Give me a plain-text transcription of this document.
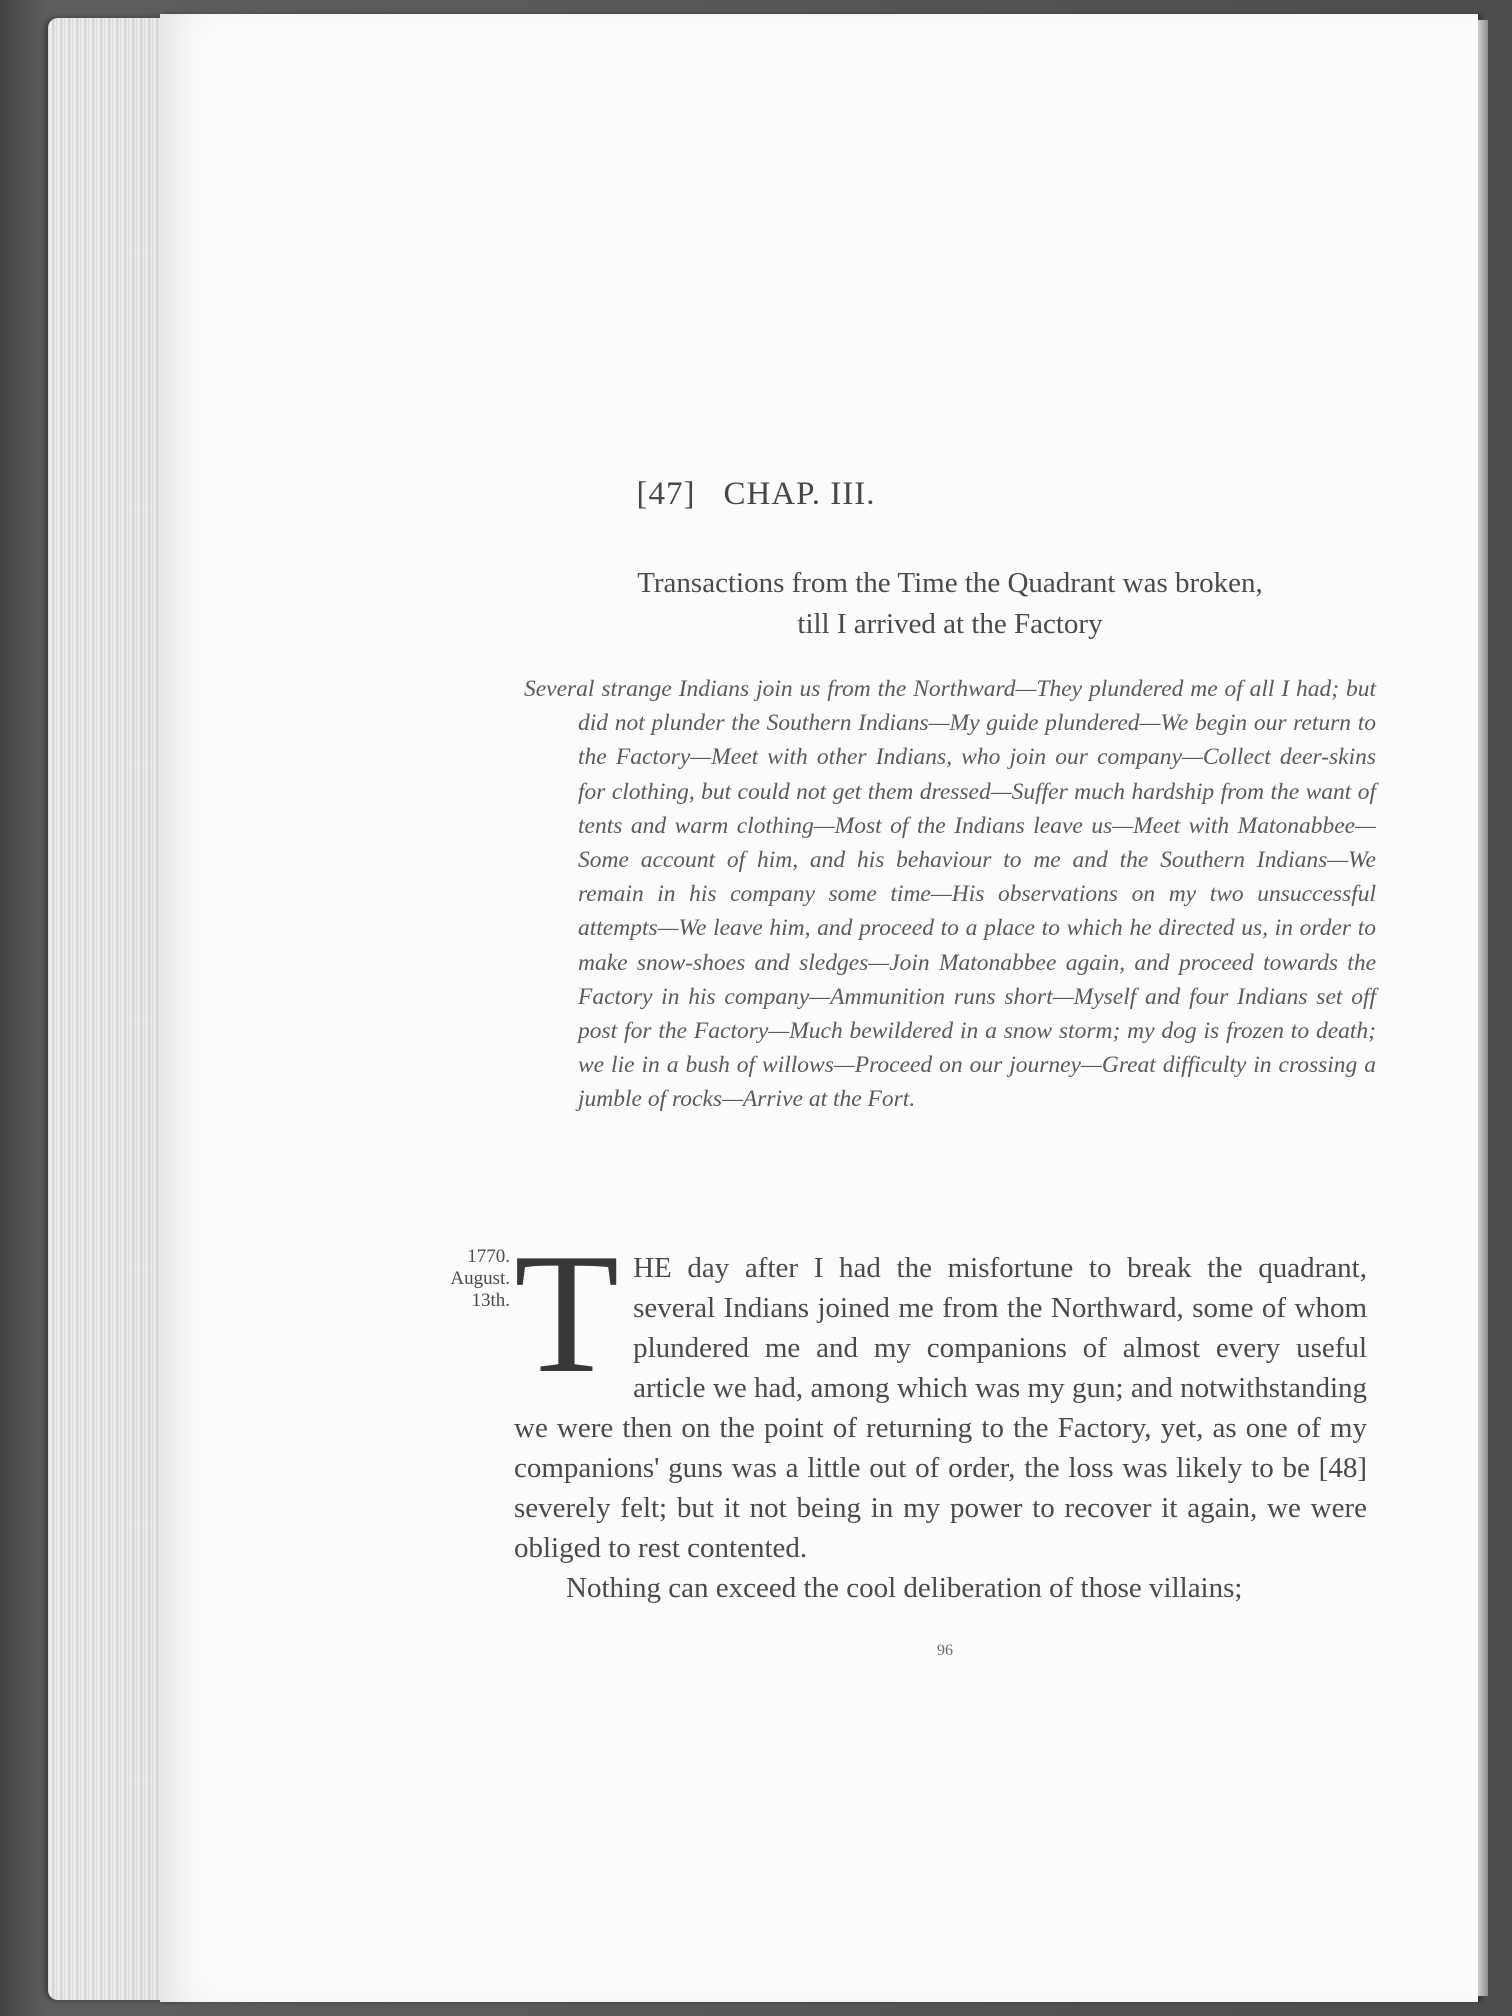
[47] CHAP. III.
Transactions from the Time the Quadrant was broken,
till I arrived at the Factory
Several strange Indians join us from the Northward—They plundered me of all I had; but did not plunder the Southern Indians—My guide plundered—We begin our return to the Factory—Meet with other Indians, who join our company—Collect deer-skins for clothing, but could not get them dressed—Suffer much hardship from the want of tents and warm clothing—Most of the Indians leave us—Meet with Matonabbee—Some account of him, and his behaviour to me and the Southern Indians—We remain in his company some time—His observations on my two unsuccessful attempts—We leave him, and proceed to a place to which he directed us, in order to make snow-shoes and sledges—Join Matonabbee again, and proceed towards the Factory in his company—Ammunition runs short—Myself and four Indians set off post for the Factory—Much bewildered in a snow storm; my dog is frozen to death; we lie in a bush of willows—Proceed on our journey—Great difficulty in crossing a jumble of rocks—Arrive at the Fort.
1770.
August.
13th. THE day after I had the misfortune to break the quadrant, several Indians joined me from the Northward, some of whom plundered me and my companions of almost every useful article we had, among which was my gun; and notwithstanding we were then on the point of returning to the Factory, yet, as one of my companions' guns was a little out of order, the loss was likely to be [48] severely felt; but it not being in my power to recover it again, we were obliged to rest contented.

Nothing can exceed the cool deliberation of those villains;

96
